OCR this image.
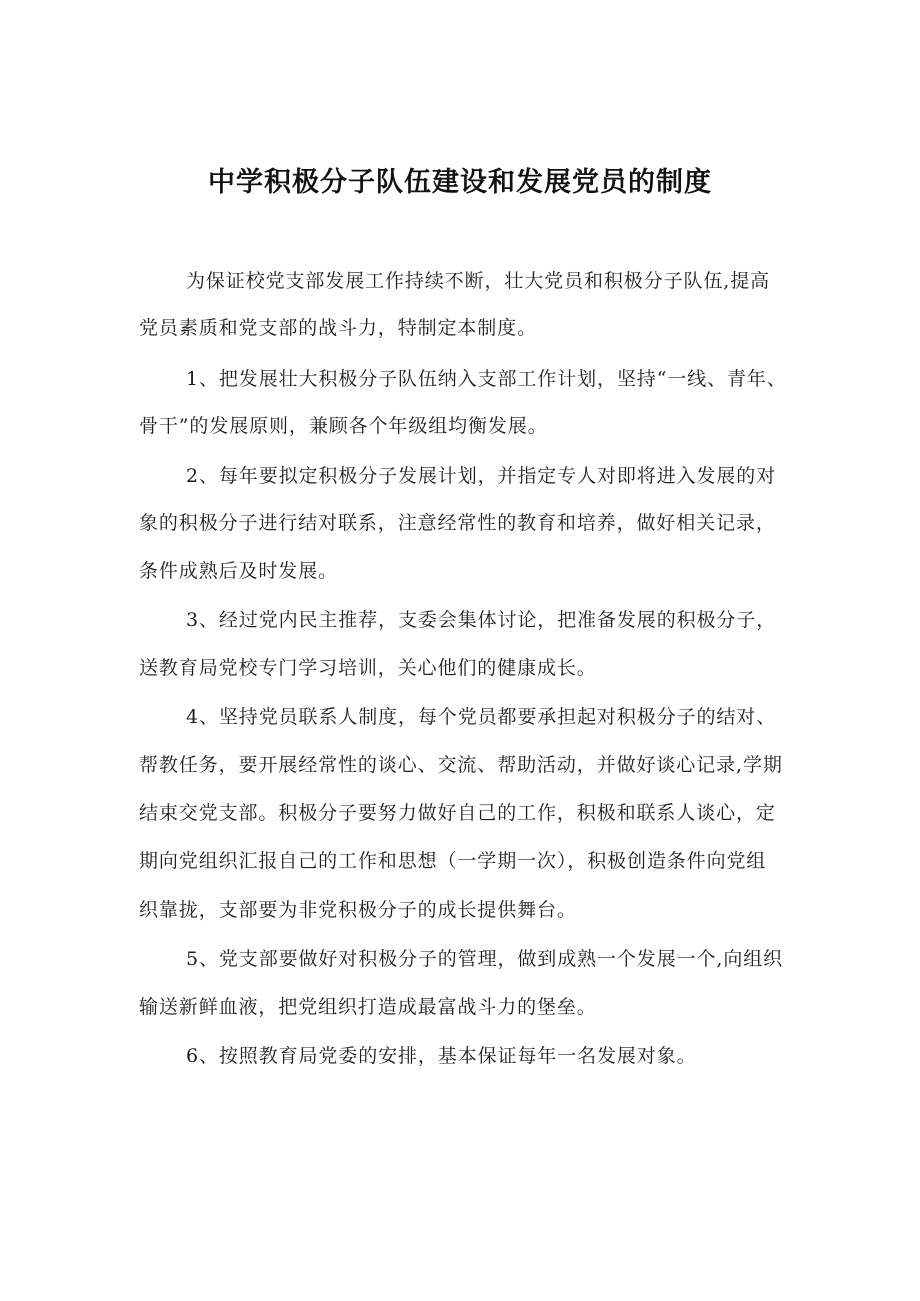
中学积极分子队伍建设和发展党员的制度
为保证校党支部发展工作持续不断，壮大党员和积极分子队伍,提高
党员素质和党支部的战斗力，特制定本制度。
1、把发展壮大积极分子队伍纳入支部工作计划，坚持“一线、青年、
骨干”的发展原则，兼顾各个年级组均衡发展。
2、每年要拟定积极分子发展计划，并指定专人对即将进入发展的对
象的积极分子进行结对联系，注意经常性的教育和培养，做好相关记录，
条件成熟后及时发展。
3、经过党内民主推荐，支委会集体讨论，把准备发展的积极分子，
送教育局党校专门学习培训，关心他们的健康成长。
4、坚持党员联系人制度，每个党员都要承担起对积极分子的结对、
帮教任务，要开展经常性的谈心、交流、帮助活动，并做好谈心记录,学期
结束交党支部。积极分子要努力做好自己的工作，积极和联系人谈心，定
期向党组织汇报自己的工作和思想（一学期一次），积极创造条件向党组
织靠拢，支部要为非党积极分子的成长提供舞台。
5、党支部要做好对积极分子的管理，做到成熟一个发展一个,向组织
输送新鲜血液，把党组织打造成最富战斗力的堡垒。
6、按照教育局党委的安排，基本保证每年一名发展对象。
